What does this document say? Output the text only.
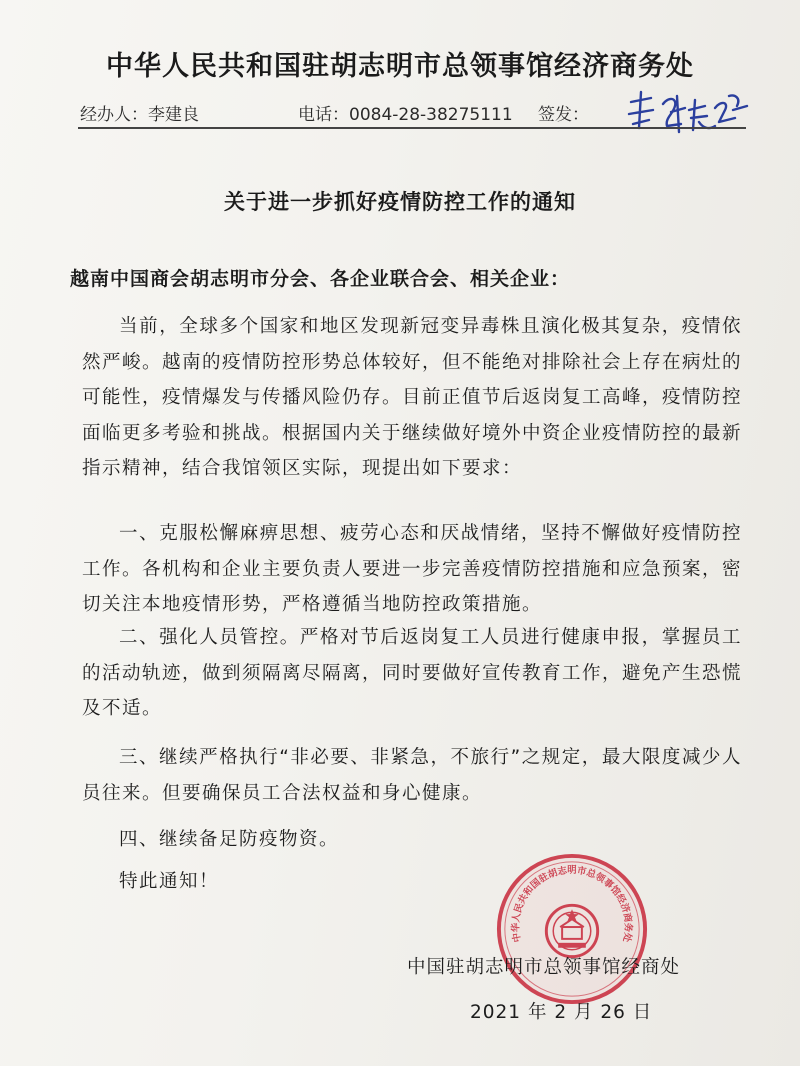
中华人民共和国驻胡志明市总领事馆经济商务处
经办人：李建良	电话：0084-28-38275111 签发：
关于进一步抓好疫情防控工作的通知
越南中国商会胡志明市分会、各企业联合会、相关企业：

当前，全球多个国家和地区发现新冠变异毒株且演化极其复杂，疫情依然严峻。越南的疫情防控形势总体较好，但不能绝对排除社会上存在病灶的可能性，疫情爆发与传播风险仍存。目前正值节后返岗复工高峰，疫情防控面临更多考验和挑战。根据国内关于继续做好境外中资企业疫情防控的最新指示精神，结合我馆领区实际，现提出如下要求：

一、克服松懈麻痹思想、疲劳心态和厌战情绪，坚持不懈做好疫情防控工作。各机构和企业主要负责人要进一步完善疫情防控措施和应急预案，密切关注本地疫情形势，严格遵循当地防控政策措施。

二、强化人员管控。严格对节后返岗复工人员进行健康申报，掌握员工的活动轨迹，做到须隔离尽隔离，同时要做好宣传教育工作，避免产生恐慌及不适。

三、继续严格执行“非必要、非紧急，不旅行”之规定，最大限度减少人员往来。但要确保员工合法权益和身心健康。

四、继续备足防疫物资。

特此通知！

中华人民共和国驻胡志明市总领事馆经济商务处
中国驻胡志明市总领事馆经商处
2021 年 2 月 26 日
